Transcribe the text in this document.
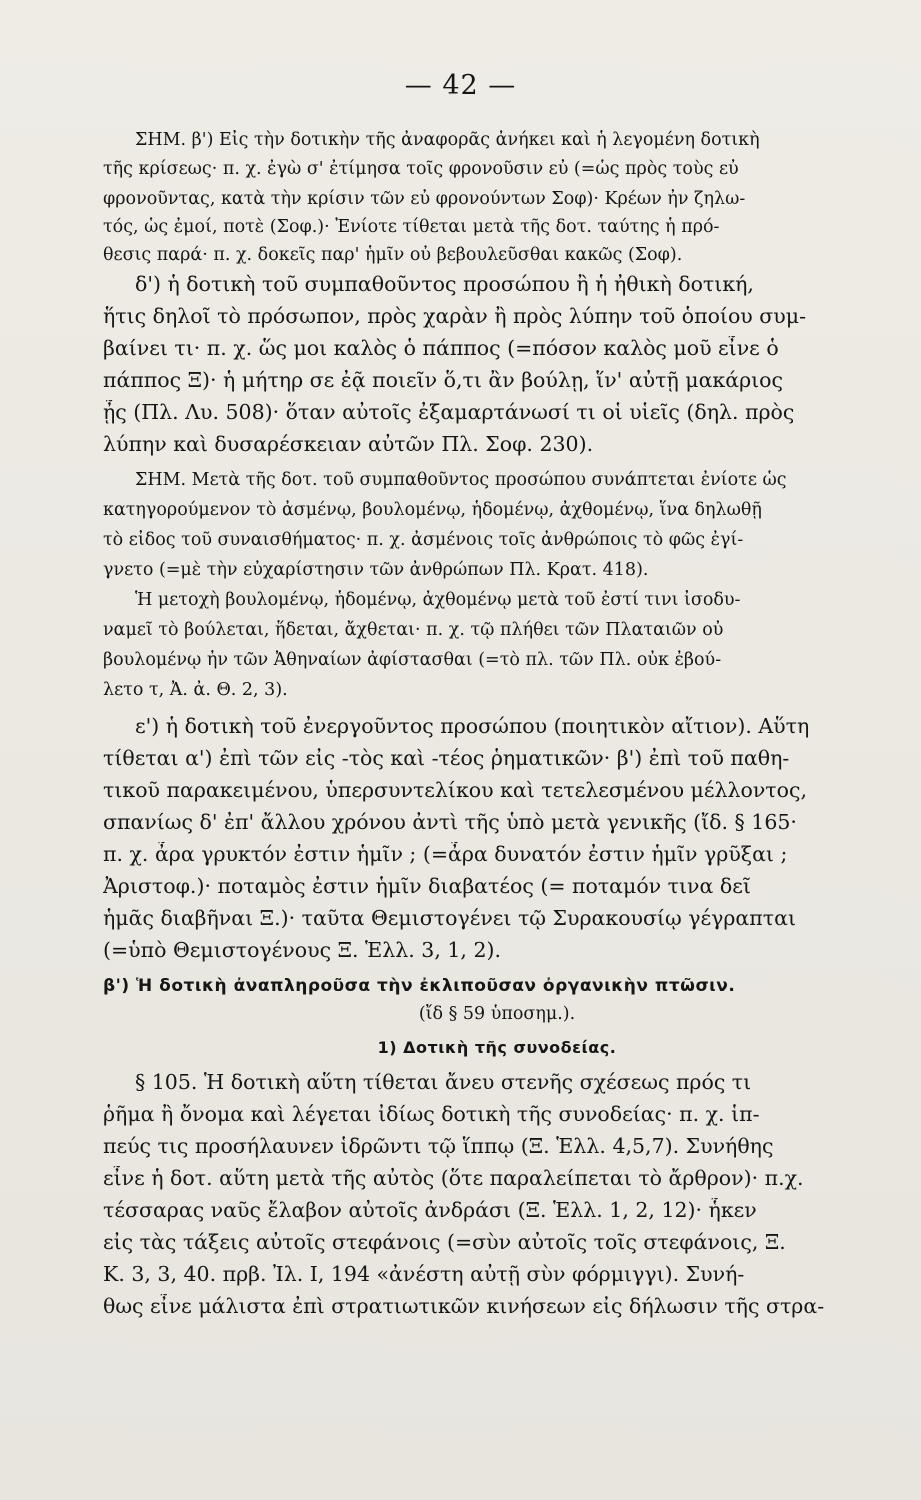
— 42 —
ΣΗΜ. β') Εἰς τὴν δοτικὴν τῆς ἀναφορᾶς ἀνήκει καὶ ἡ λεγομένη δοτικὴ
τῆς κρίσεως· π. χ. ἐγὼ σ' ἐτίμησα τοῖς φρονοῦσιν εὖ (=ὡς πρὸς τοὺς εὖ
φρονοῦντας, κατὰ τὴν κρίσιν τῶν εὖ φρονούντων Σοφ)· Κρέων ἦν ζηλω-
τός, ὡς ἐμοί, ποτὲ (Σοφ.)· Ἐνίοτε τίθεται μετὰ τῆς δοτ. ταύτης ἡ πρό-
θεσις παρά· π. χ. δοκεῖς παρ' ἡμῖν οὐ βεβουλεῦσθαι κακῶς (Σοφ).
δ') ἡ δοτικὴ τοῦ συμπαθοῦντος προσώπου ἢ ἡ ἠθικὴ δοτική,
ἥτις δηλοῖ τὸ πρόσωπον, πρὸς χαρὰν ἢ πρὸς λύπην τοῦ ὁποίου συμ-
βαίνει τι· π. χ. ὥς μοι καλὸς ὁ πάππος (=πόσον καλὸς μοῦ εἶνε ὁ
πάππος Ξ)· ἡ μήτηρ σε ἐᾷ ποιεῖν ὅ,τι ἂν βούλῃ, ἵν' αὐτῇ μακάριος
ᾖς (Πλ. Λυ. 508)· ὅταν αὐτοῖς ἐξαμαρτάνωσί τι οἱ υἱεῖς (δηλ. πρὸς
λύπην καὶ δυσαρέσκειαν αὐτῶν Πλ. Σοφ. 230).
ΣΗΜ. Μετὰ τῆς δοτ. τοῦ συμπαθοῦντος προσώπου συνάπτεται ἐνίοτε ὡς
κατηγορούμενον τὸ ἀσμένῳ, βουλομένῳ, ἡδομένῳ, ἀχθομένῳ, ἵνα δηλωθῇ
τὸ εἶδος τοῦ συναισθήματος· π. χ. ἀσμένοις τοῖς ἀνθρώποις τὸ φῶς ἐγί-
γνετο (=μὲ τὴν εὐχαρίστησιν τῶν ἀνθρώπων Πλ. Κρατ. 418).
Ἡ μετοχὴ βουλομένῳ, ἡδομένῳ, ἀχθομένῳ μετὰ τοῦ ἐστί τινι ἰσοδυ-
ναμεῖ τὸ βούλεται, ἥδεται, ἄχθεται· π. χ. τῷ πλήθει τῶν Πλαταιῶν οὐ
βουλομένῳ ἦν τῶν Ἀθηναίων ἀφίστασθαι (=τὸ πλ. τῶν Πλ. οὐκ ἐβού-
λετο τ, Ἀ. ἀ. Θ. 2, 3).
ε') ἡ δοτικὴ τοῦ ἐνεργοῦντος προσώπου (ποιητικὸν αἴτιον). Αὕτη
τίθεται α') ἐπὶ τῶν εἰς -τὸς καὶ -τέος ῥηματικῶν· β') ἐπὶ τοῦ παθη-
τικοῦ παρακειμένου, ὑπερσυντελίκου καὶ τετελεσμένου μέλλοντος,
σπανίως δ' ἐπ' ἄλλου χρόνου ἀντὶ τῆς ὑπὸ μετὰ γενικῆς (ἴδ. § 165·
π. χ. ἆρα γρυκτόν ἐστιν ἡμῖν ; (=ἆρα δυνατόν ἐστιν ἡμῖν γρῦξαι ;
Ἀριστοφ.)· ποταμὸς ἐστιν ἡμῖν διαβατέος (= ποταμόν τινα δεῖ
ἡμᾶς διαβῆναι Ξ.)· ταῦτα Θεμιστογένει τῷ Συρακουσίῳ γέγραπται
(=ὑπὸ Θεμιστογένους Ξ. Ἑλλ. 3, 1, 2).
β') Ἡ δοτικὴ ἀναπληροῦσα τὴν ἐκλιποῦσαν ὀργανικὴν πτῶσιν.
(ἴδ § 59 ὑποσημ.).
1) Δοτικὴ τῆς συνοδείας.
§ 105. Ἡ δοτικὴ αὕτη τίθεται ἄνευ στενῆς σχέσεως πρός τι
ῥῆμα ἢ ὄνομα καὶ λέγεται ἰδίως δοτικὴ τῆς συνοδείας· π. χ. ἱπ-
πεύς τις προσήλαυνεν ἱδρῶντι τῷ ἵππῳ (Ξ. Ἑλλ. 4,5,7). Συνήθης
εἶνε ἡ δοτ. αὕτη μετὰ τῆς αὐτὸς (ὅτε παραλείπεται τὸ ἄρθρον)· π.χ.
τέσσαρας ναῦς ἔλαβον αὐτοῖς ἀνδράσι (Ξ. Ἑλλ. 1, 2, 12)· ἧκεν
εἰς τὰς τάξεις αὐτοῖς στεφάνοις (=σὺν αὐτοῖς τοῖς στεφάνοις, Ξ.
Κ. 3, 3, 40. πρβ. Ἰλ. Ι, 194 «ἀνέστη αὐτῇ σὺν φόρμιγγι). Συνή-
θως εἶνε μάλιστα ἐπὶ στρατιωτικῶν κινήσεων εἰς δήλωσιν τῆς στρα-
